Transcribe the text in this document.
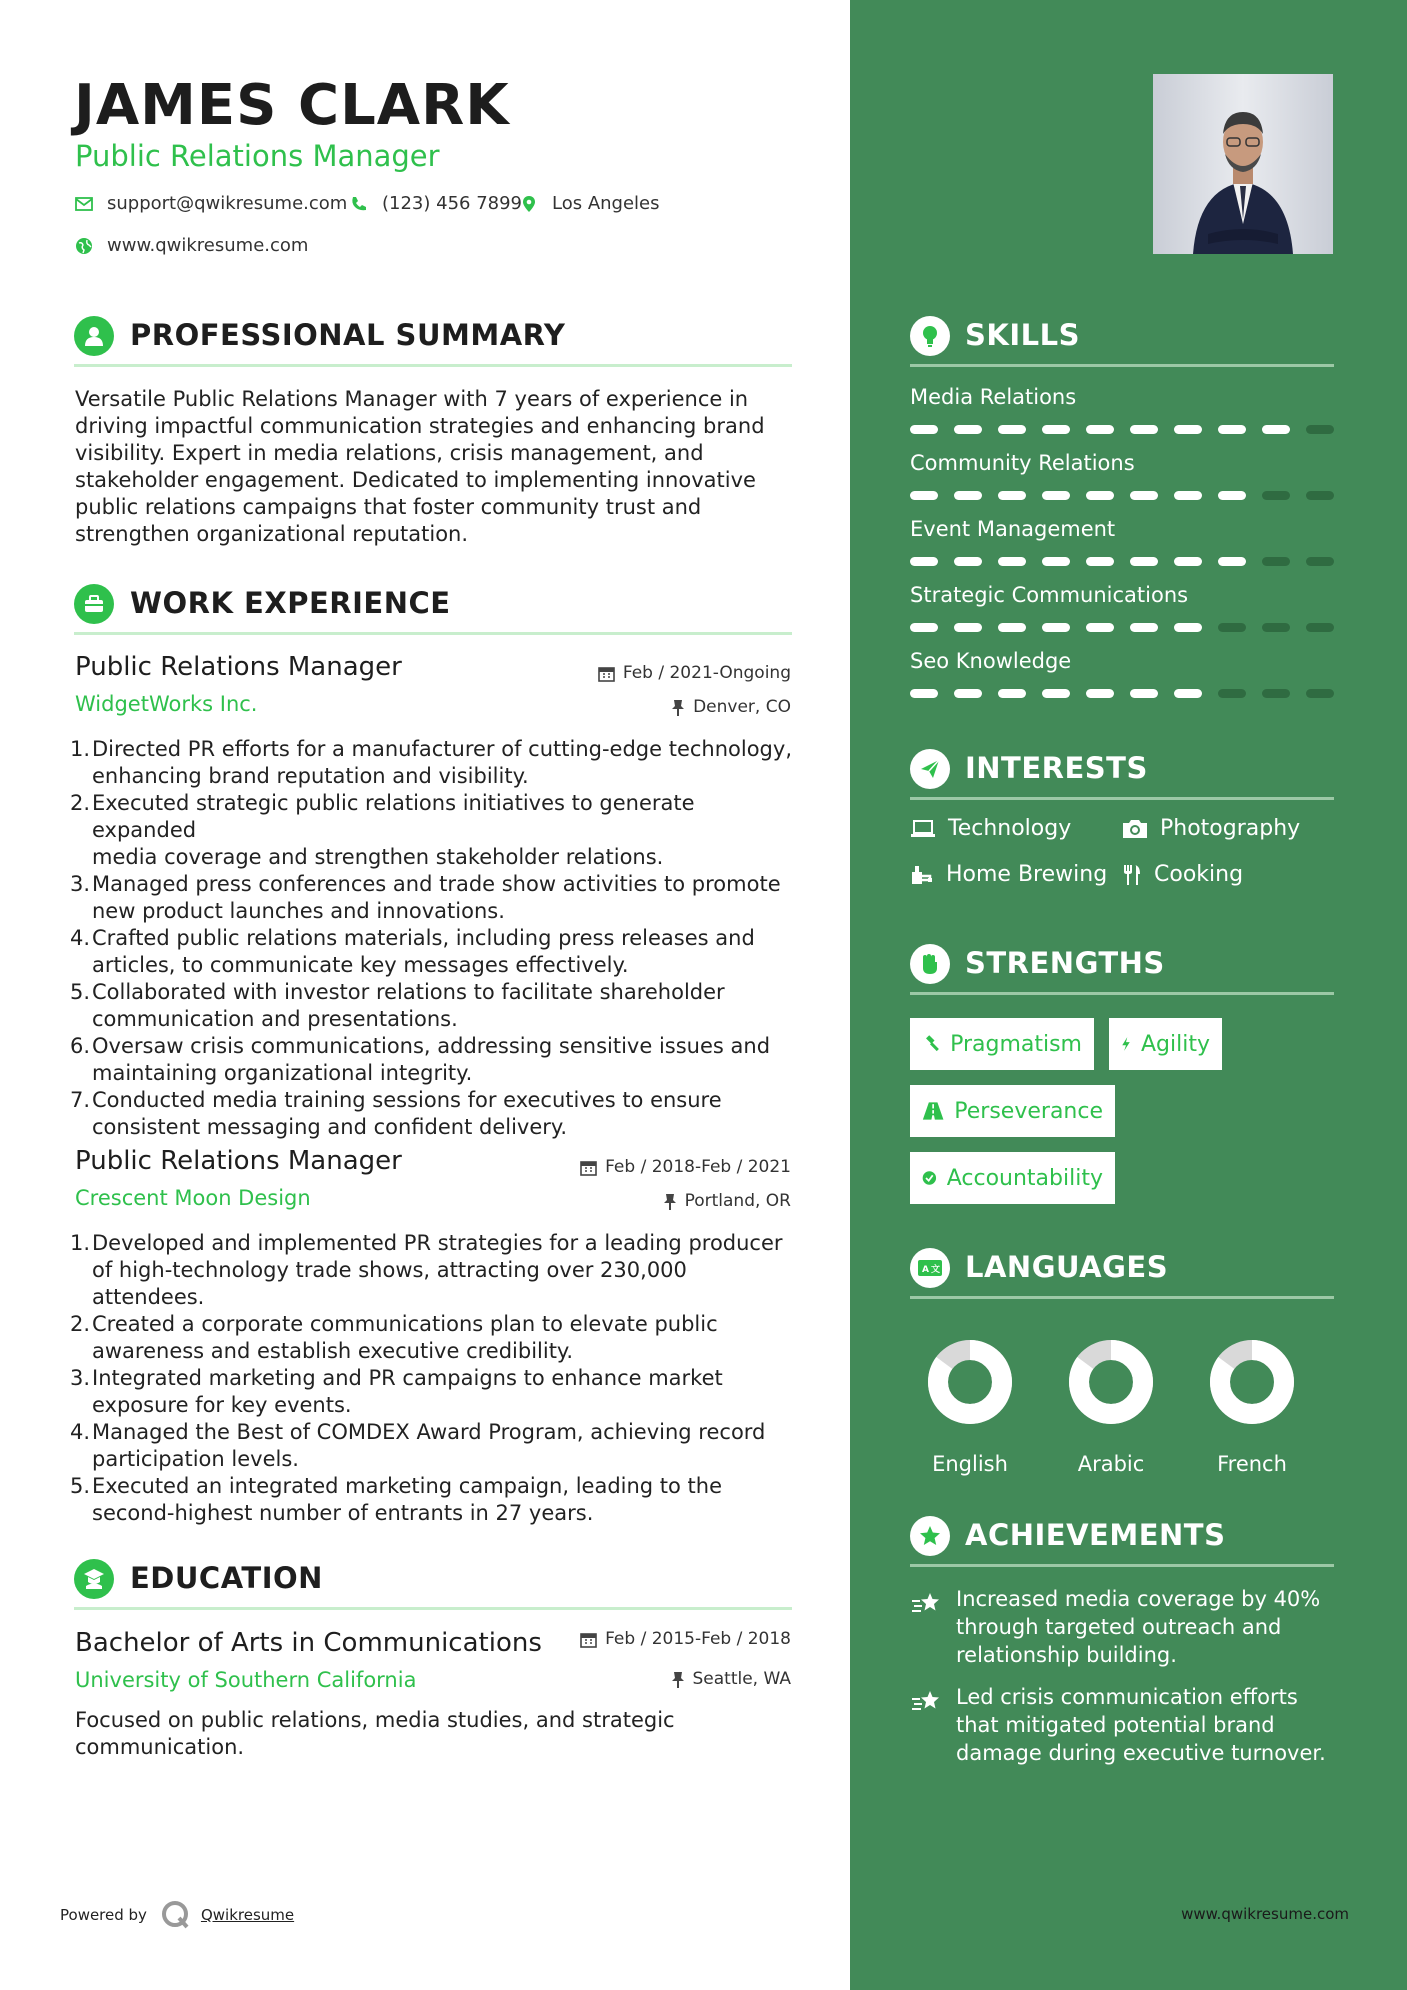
JAMES CLARK
Public Relations Manager
support@qwikresume.com (123) 456 7899 Los Angeles
www.qwikresume.com
PROFESSIONAL SUMMARY
Versatile Public Relations Manager with 7 years of experience in
driving impactful communication strategies and enhancing brand
visibility. Expert in media relations, crisis management, and
stakeholder engagement. Dedicated to implementing innovative
public relations campaigns that foster community trust and
strengthen organizational reputation.
WORK EXPERIENCE
Public Relations Manager
WidgetWorks Inc.
Feb / 2021-Ongoing
Denver, CO
1. Directed PR efforts for a manufacturer of cutting-edge technology,
enhancing brand reputation and visibility.
2. Executed strategic public relations initiatives to generate expanded
media coverage and strengthen stakeholder relations.
3. Managed press conferences and trade show activities to promote
new product launches and innovations.
4. Crafted public relations materials, including press releases and
articles, to communicate key messages effectively.
5. Collaborated with investor relations to facilitate shareholder
communication and presentations.
6. Oversaw crisis communications, addressing sensitive issues and
maintaining organizational integrity.
7. Conducted media training sessions for executives to ensure
consistent messaging and confident delivery.
Public Relations Manager
Crescent Moon Design
Feb / 2018-Feb / 2021
Portland, OR
1. Developed and implemented PR strategies for a leading producer
of high-technology trade shows, attracting over 230,000 attendees.
2. Created a corporate communications plan to elevate public
awareness and establish executive credibility.
3. Integrated marketing and PR campaigns to enhance market
exposure for key events.
4. Managed the Best of COMDEX Award Program, achieving record
participation levels.
5. Executed an integrated marketing campaign, leading to the
second-highest number of entrants in 27 years.
EDUCATION
Bachelor of Arts in Communications
University of Southern California
Feb / 2015-Feb / 2018
Seattle, WA
Focused on public relations, media studies, and strategic
communication.
Powered by	Qwikresume	www.qwikresume.com
SKILLS
Media Relations
Community Relations
Event Management
Strategic Communications
Seo Knowledge
INTERESTS
Technology	Photography
Home Brewing Cooking
STRENGTHS
Pragmatism	Agility
Perseverance
Accountability
A 文 LANGUAGES
English	Arabic	French
ACHIEVEMENTS
Increased media coverage by 40%
through targeted outreach and
relationship building.
Led crisis communication efforts
that mitigated potential brand
damage during executive turnover.
